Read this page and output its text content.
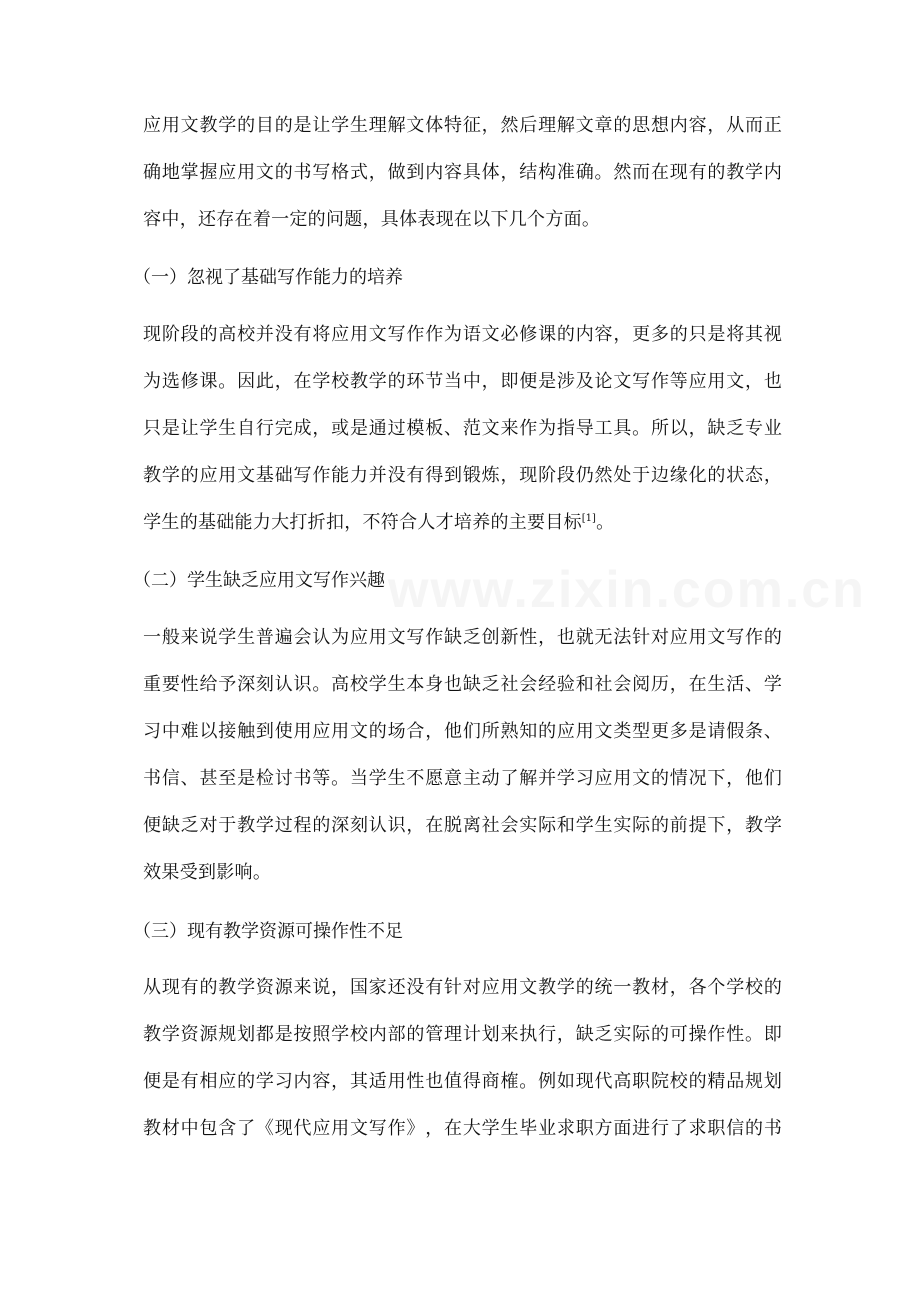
www.zixin.com.cn
应用文教学的目的是让学生理解文体特征，然后理解文章的思想内容，从而正
确地掌握应用文的书写格式，做到内容具体，结构准确。然而在现有的教学内
容中，还存在着一定的问题，具体表现在以下几个方面。
（一）忽视了基础写作能力的培养
现阶段的高校并没有将应用文写作作为语文必修课的内容，更多的只是将其视
为选修课。因此，在学校教学的环节当中，即便是涉及论文写作等应用文，也
只是让学生自行完成，或是通过模板、范文来作为指导工具。所以，缺乏专业
教学的应用文基础写作能力并没有得到锻炼，现阶段仍然处于边缘化的状态，
学生的基础能力大打折扣，不符合人才培养的主要目标[1]。
（二）学生缺乏应用文写作兴趣
一般来说学生普遍会认为应用文写作缺乏创新性，也就无法针对应用文写作的
重要性给予深刻认识。高校学生本身也缺乏社会经验和社会阅历，在生活、学
习中难以接触到使用应用文的场合，他们所熟知的应用文类型更多是请假条、
书信、甚至是检讨书等。当学生不愿意主动了解并学习应用文的情况下，他们
便缺乏对于教学过程的深刻认识，在脱离社会实际和学生实际的前提下，教学
效果受到影响。
（三）现有教学资源可操作性不足
从现有的教学资源来说，国家还没有针对应用文教学的统一教材，各个学校的
教学资源规划都是按照学校内部的管理计划来执行，缺乏实际的可操作性。即
便是有相应的学习内容，其适用性也值得商榷。例如现代高职院校的精品规划
教材中包含了《现代应用文写作》，在大学生毕业求职方面进行了求职信的书
